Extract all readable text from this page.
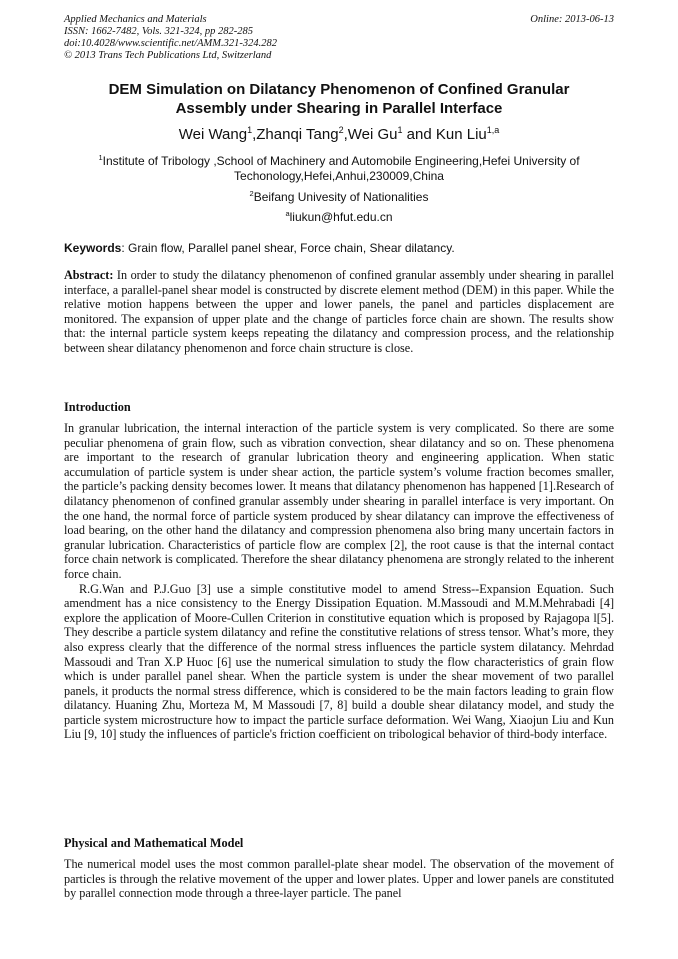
Applied Mechanics and Materials
ISSN: 1662-7482, Vols. 321-324, pp 282-285
doi:10.4028/www.scientific.net/AMM.321-324.282
© 2013 Trans Tech Publications Ltd, Switzerland
Online: 2013-06-13
DEM Simulation on Dilatancy Phenomenon of Confined Granular
Assembly under Shearing in Parallel Interface
Wei Wang$^1$,Zhanqi Tang$^2$,Wei Gu$^1$ and Kun Liu$^{1,a}$
$^1$Institute of Tribology ,School of Machinery and Automobile Engineering,Hefei University of
Techonology,Hefei,Anhui,230009,China
$^2$Beifang Univesity of Nationalities
$^a$liukun@hfut.edu.cn
Keywords: Grain flow, Parallel panel shear, Force chain, Shear dilatancy.
Abstract: In order to study the dilatancy phenomenon of confined granular assembly under shearing in parallel interface, a parallel-panel shear model is constructed by discrete element method (DEM) in this paper. While the relative motion happens between the upper and lower panels, the panel and particles displacement are monitored. The expansion of upper plate and the change of particles force chain are shown. The results show that: the internal particle system keeps repeating the dilatancy and compression process, and the relationship between shear dilatancy phenomenon and force chain structure is close.
Introduction
In granular lubrication, the internal interaction of the particle system is very complicated. So there are some peculiar phenomena of grain flow, such as vibration convection, shear dilatancy and so on. These phenomena are important to the research of granular lubrication theory and engineering application. When static accumulation of particle system is under shear action, the particle system’s volume fraction becomes smaller, the particle’s packing density becomes lower. It means that dilatancy phenomenon has happened [1].Research of dilatancy phenomenon of confined granular assembly under shearing in parallel interface is very important. On the one hand, the normal force of particle system produced by shear dilatancy can improve the effectiveness of load bearing, on the other hand the dilatancy and compression phenomena also bring many uncertain factors in granular lubrication. Characteristics of particle flow are complex [2], the root cause is that the internal contact force chain network is complicated. Therefore the shear dilatancy phenomena are strongly related to the inherent force chain.
R.G.Wan and P.J.Guo [3] use a simple constitutive model to amend Stress--Expansion Equation. Such amendment has a nice consistency to the Energy Dissipation Equation. M.Massoudi and M.M.Mehrabadi [4] explore the application of Moore-Cullen Criterion in constitutive equation which is proposed by Rajagopa l[5]. They describe a particle system dilatancy and refine the constitutive relations of stress tensor. What’s more, they also express clearly that the difference of the normal stress influences the particle system dilatancy. Mehrdad Massoudi and Tran X.P Huoc [6] use the numerical simulation to study the flow characteristics of grain flow which is under parallel panel shear. When the particle system is under the shear movement of two parallel panels, it products the normal stress difference, which is considered to be the main factors leading to grain flow dilatancy. Huaning Zhu, Morteza M, M Massoudi [7, 8] build a double shear dilatancy model, and study the particle system microstructure how to impact the particle surface deformation. Wei Wang, Xiaojun Liu and Kun Liu [9, 10] study the influences of particle's friction coefficient on tribological behavior of third-body interface.
Physical and Mathematical Model
The numerical model uses the most common parallel-plate shear model. The observation of the movement of particles is through the relative movement of the upper and lower plates. Upper and lower panels are constituted by parallel connection mode through a three-layer particle. The panel
